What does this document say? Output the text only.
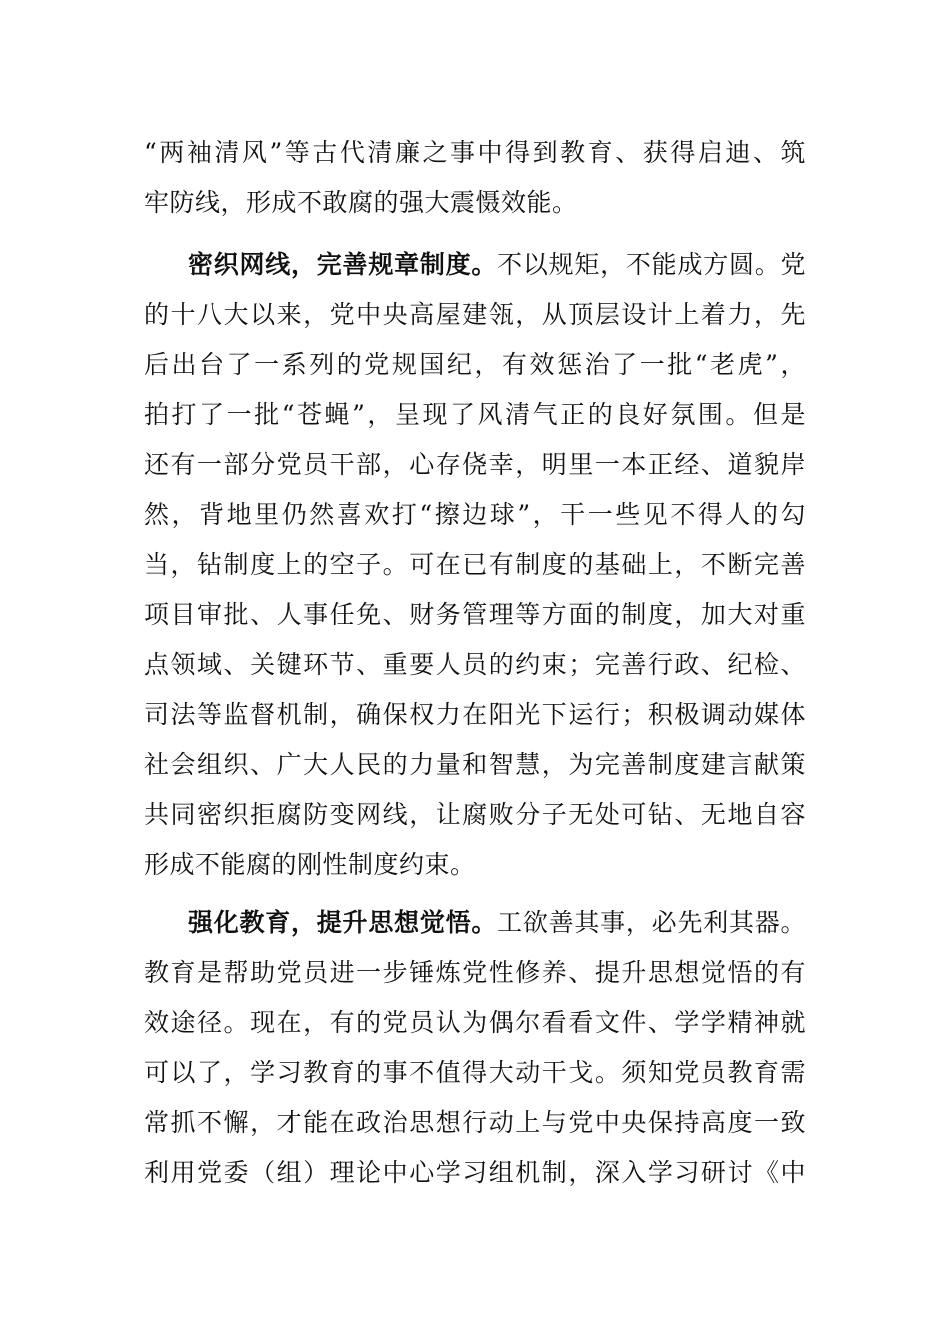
“两袖清风”等古代清廉之事中得到教育、获得启迪、筑
牢防线，形成不敢腐的强大震慑效能。
密织网线，完善规章制度。不以规矩，不能成方圆。党
的十八大以来，党中央高屋建瓴，从顶层设计上着力，先
后出台了一系列的党规国纪，有效惩治了一批“老虎”，
拍打了一批“苍蝇”，呈现了风清气正的良好氛围。但是
还有一部分党员干部，心存侥幸，明里一本正经、道貌岸
然，背地里仍然喜欢打“擦边球”，干一些见不得人的勾
当，钻制度上的空子。可在已有制度的基础上，不断完善
项目审批、人事任免、财务管理等方面的制度，加大对重
点领域、关键环节、重要人员的约束；完善行政、纪检、
司法等监督机制，确保权力在阳光下运行；积极调动媒体
社会组织、广大人民的力量和智慧，为完善制度建言献策
共同密织拒腐防变网线，让腐败分子无处可钻、无地自容
形成不能腐的刚性制度约束。
强化教育，提升思想觉悟。工欲善其事，必先利其器。
教育是帮助党员进一步锤炼党性修养、提升思想觉悟的有
效途径。现在，有的党员认为偶尔看看文件、学学精神就
可以了，学习教育的事不值得大动干戈。须知党员教育需
常抓不懈，才能在政治思想行动上与党中央保持高度一致
利用党委（组）理论中心学习组机制，深入学习研讨《中
